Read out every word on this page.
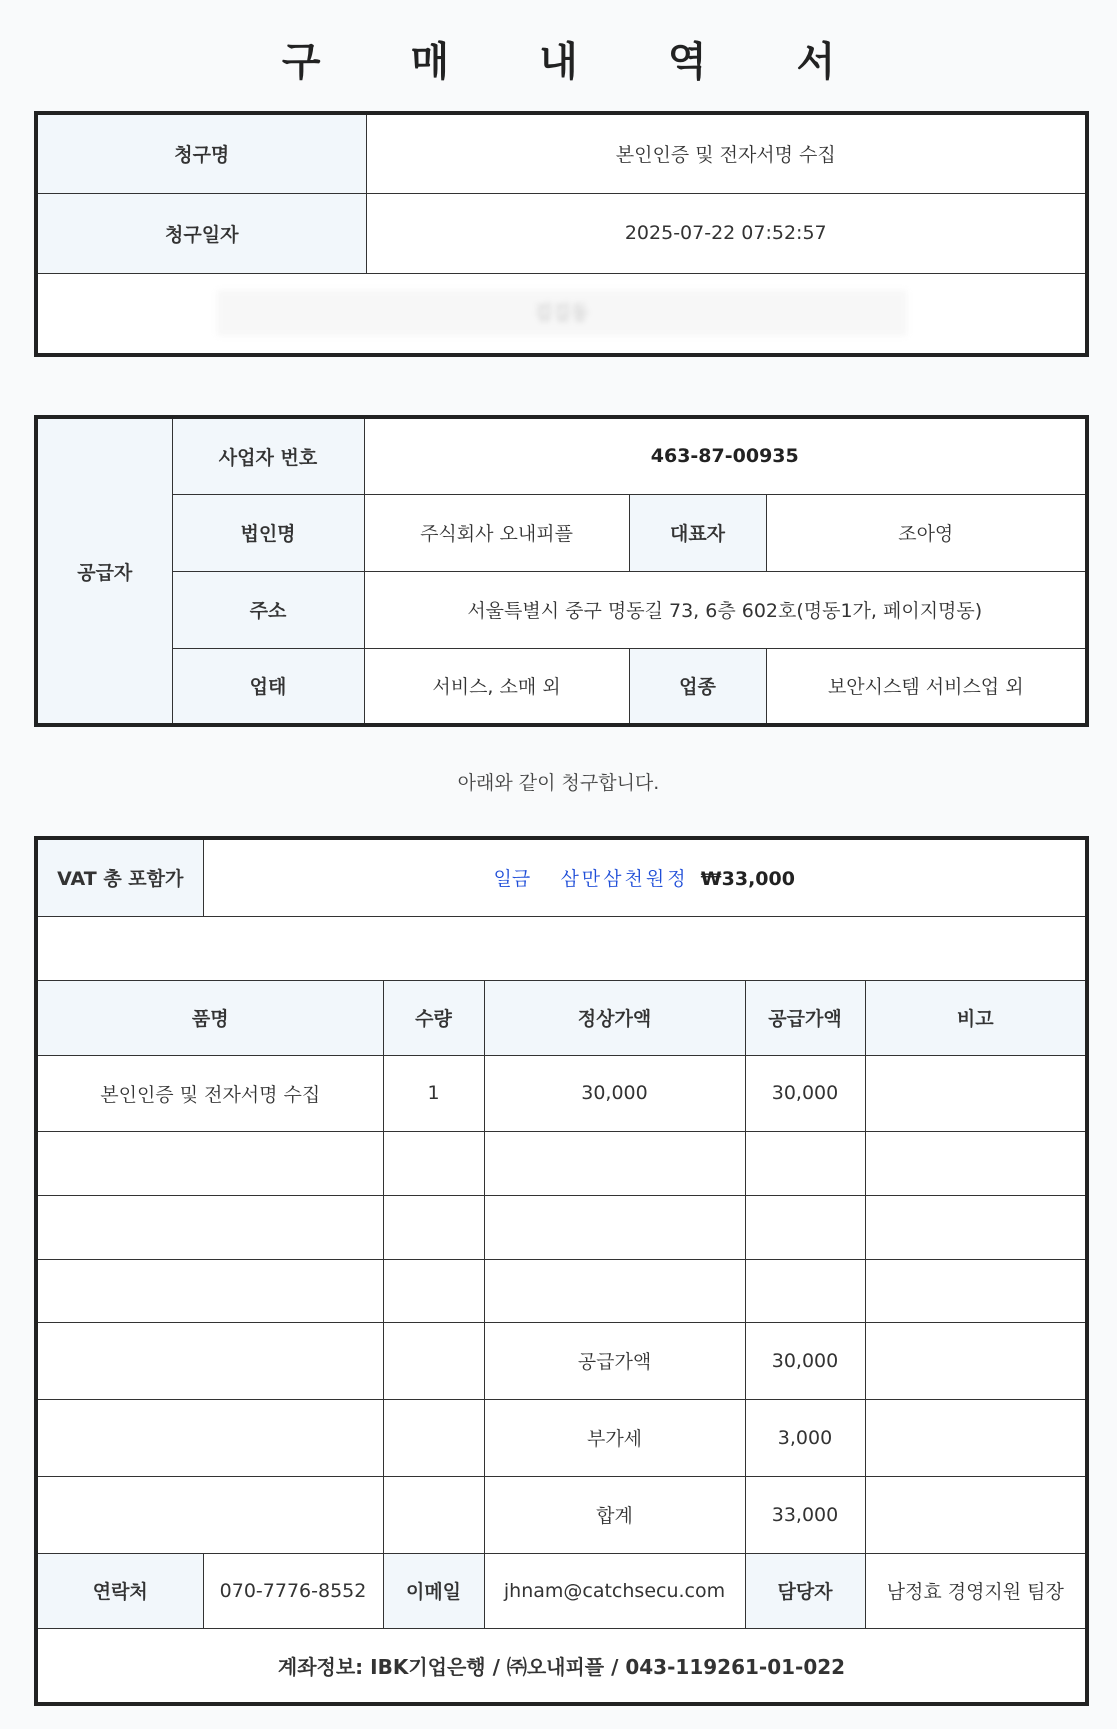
구 매 내 역 서
청구명	본인인증 및 전자서명 수집
청구일자	2025-07-22 07:52:57
김길동	
공급자	사업자 번호	463-87-00935		
	법인명	주식회사 오내피플	대표자	조아영
	주소	서울특별시 중구 명동길 73, 6층 602호(명동1가, 페이지명동)		
	업태	서비스, 소매 외	업종	보안시스템 서비스업 외
아래와 같이 청구합니다.
VAT 총 포함가	일금 삼만삼천원정 ₩33,000				

품명		수량	정상가액	공급가액	비고
본인인증 및 전자서명 수집		1	30,000	30,000	

			공급가액	30,000	
			부가세	3,000	
			합계	33,000	
연락처	070-7776-8552	이메일	jhnam@catchsecu.com	담당자	남정효 경영지원 팀장
계좌정보: IBK기업은행 / ㈜오내피플 / 043-119261-01-022					
